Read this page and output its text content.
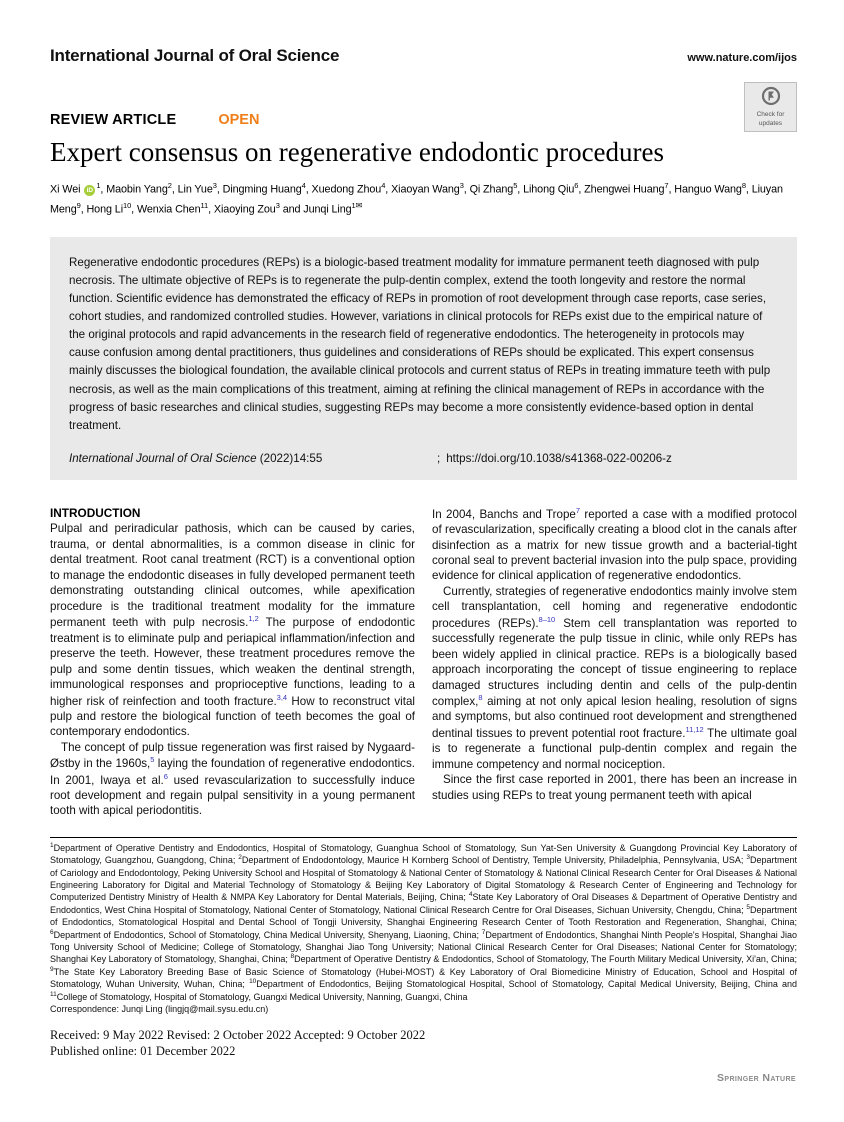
International Journal of Oral Science	www.nature.com/ijos
Check for
updates
REVIEW ARTICLE	OPEN
Expert consensus on regenerative endodontic procedures
Xi Wei $iD^1$, Maobin Yang$^2$, Lin Yue$^3$, Dingming Huang$^4$, Xuedong Zhou$^4$, Xiaoyan Wang$^3$, Qi Zhang$^5$, Lihong Qiu$^6$, Zhengwei Huang$^7$, Hanguo Wang$^8$, Liuyan Meng$^9$, Hong Li$^{10}$, Wenxia Chen$^{11}$, Xiaoying Zou$^3$ and Junqi Ling$^{1✉}$

Regenerative endodontic procedures (REPs) is a biologic-based treatment modality for immature permanent teeth diagnosed with pulp necrosis. The ultimate objective of REPs is to regenerate the pulp-dentin complex, extend the tooth longevity and restore the normal function. Scientific evidence has demonstrated the efficacy of REPs in promotion of root development through case reports, case series, cohort studies, and randomized controlled studies. However, variations in clinical protocols for REPs exist due to the empirical nature of the original protocols and rapid advancements in the research field of regenerative endodontics. The heterogeneity in protocols may cause confusion among dental practitioners, thus guidelines and considerations of REPs should be explicated. This expert consensus mainly discusses the biological foundation, the available clinical protocols and current status of REPs in treating immature teeth with pulp necrosis, as well as the main complications of this treatment, aiming at refining the clinical management of REPs in accordance with the progress of basic researches and clinical studies, suggesting REPs may become a more consistently evidence-based option in dental treatment.

International Journal of Oral Science (2022)14:55	; https://doi.org/10.1038/s41368-022-00206-z
INTRODUCTION

Pulpal and periradicular pathosis, which can be caused by caries, trauma, or dental abnormalities, is a common disease in clinic for dental treatment. Root canal treatment (RCT) is a conventional option to manage the endodontic diseases in fully developed permanent teeth demonstrating outstanding clinical outcomes, while apexification procedure is the traditional treatment modality for the immature permanent teeth with pulp necrosis.$^{1,2}$ The purpose of endodontic treatment is to eliminate pulp and periapical inflammation/infection and preserve the teeth. However, these treatment procedures remove the pulp and some dentin tissues, which weaken the dentinal strength, immunological responses and proprioceptive functions, leading to a higher risk of reinfection and tooth fracture.$^{3,4}$ How to reconstruct vital pulp and restore the biological function of teeth becomes the goal of contemporary endodontics.

The concept of pulp tissue regeneration was first raised by Nygaard-Østby in the 1960s,$^5$ laying the foundation of regenerative endodontics. In 2001, Iwaya et al.$^6$ used revascularization to successfully induce root development and regain pulpal sensitivity in a young permanent tooth with apical periodontitis.

In 2004, Banchs and Trope$^7$ reported a case with a modified protocol of revascularization, specifically creating a blood clot in the canals after disinfection as a matrix for new tissue growth and a bacterial-tight coronal seal to prevent bacterial invasion into the pulp space, providing evidence for clinical application of regenerative endodontics.

Currently, strategies of regenerative endodontics mainly involve stem cell transplantation, cell homing and regenerative endodontic procedures (REPs).$^{8-10}$ Stem cell transplantation was reported to successfully regenerate the pulp tissue in clinic, while only REPs has been widely applied in clinical practice. REPs is a biologically based approach incorporating the concept of tissue engineering to replace damaged structures including dentin and cells of the pulp-dentin complex,$^8$ aiming at not only apical lesion healing, resolution of signs and symptoms, but also continued root development and strengthened dentinal tissues to prevent potential root fracture.$^{11,12}$ The ultimate goal is to regenerate a functional pulp-dentin complex and regain the immune competency and normal nociception.

Since the first case reported in 2001, there has been an increase in studies using REPs to treat young permanent teeth with apical

$^1$Department of Operative Dentistry and Endodontics, Hospital of Stomatology, Guanghua School of Stomatology, Sun Yat-Sen University & Guangdong Provincial Key Laboratory of Stomatology, Guangzhou, Guangdong, China; $^2$Department of Endodontology, Maurice H Kornberg School of Dentistry, Temple University, Philadelphia, Pennsylvania, USA; $^3$Department of Cariology and Endodontology, Peking University School and Hospital of Stomatology & National Center of Stomatology & National Clinical Research Center for Oral Diseases & National Engineering Laboratory for Digital and Material Technology of Stomatology & Beijing Key Laboratory of Digital Stomatology & Research Center of Engineering and Technology for Computerized Dentistry Ministry of Health & NMPA Key Laboratory for Dental Materials, Beijing, China; $^4$State Key Laboratory of Oral Diseases & Department of Operative Dentistry and Endodontics, West China Hospital of Stomatology, National Center of Stomatology, National Clinical Research Centre for Oral Diseases, Sichuan University, Chengdu, China; $^5$Department of Endodontics, Stomatological Hospital and Dental School of Tongji University, Shanghai Engineering Research Center of Tooth Restoration and Regeneration, Shanghai, China; $^6$Department of Endodontics, School of Stomatology, China Medical University, Shenyang, Liaoning, China; $^7$Department of Endodontics, Shanghai Ninth People's Hospital, Shanghai Jiao Tong University School of Medicine; College of Stomatology, Shanghai Jiao Tong University; National Clinical Research Center for Oral Diseases; National Center for Stomatology; Shanghai Key Laboratory of Stomatology, Shanghai, China; $^8$Department of Operative Dentistry & Endodontics, School of Stomatology, The Fourth Military Medical University, Xi'an, China; $^9$The State Key Laboratory Breeding Base of Basic Science of Stomatology (Hubei-MOST) & Key Laboratory of Oral Biomedicine Ministry of Education, School and Hospital of Stomatology, Wuhan University, Wuhan, China; $^{10}$Department of Endodontics, Beijing Stomatological Hospital, School of Stomatology, Capital Medical University, Beijing, China and $^{11}$College of Stomatology, Hospital of Stomatology, Guangxi Medical University, Nanning, Guangxi, China

Correspondence: Junqi Ling (lingjq@mail.sysu.edu.cn)

Received: 9 May 2022 Revised: 2 October 2022 Accepted: 9 October 2022

Published online: 01 December 2022

Springer Nature
